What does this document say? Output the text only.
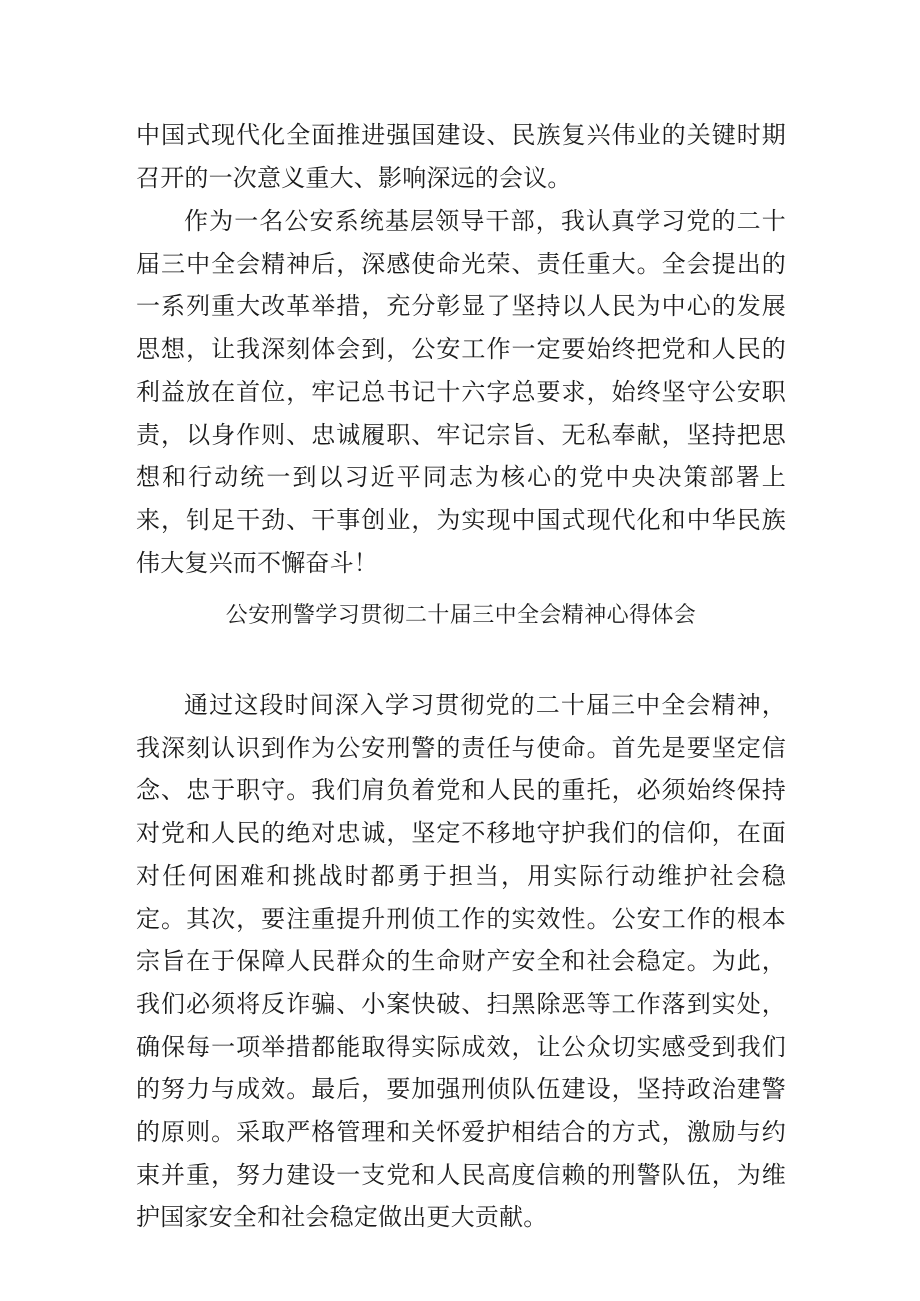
中国式现代化全面推进强国建设、民族复兴伟业的关键时期召开的一次意义重大、影响深远的会议。

作为一名公安系统基层领导干部，我认真学习党的二十届三中全会精神后，深感使命光荣、责任重大。全会提出的一系列重大改革举措，充分彰显了坚持以人民为中心的发展思想，让我深刻体会到，公安工作一定要始终把党和人民的利益放在首位，牢记总书记十六字总要求，始终坚守公安职责，以身作则、忠诚履职、牢记宗旨、无私奉献，坚持把思想和行动统一到以习近平同志为核心的党中央决策部署上来，钊足干劲、干事创业，为实现中国式现代化和中华民族伟大复兴而不懈奋斗！

公安刑警学习贯彻二十届三中全会精神心得体会

通过这段时间深入学习贯彻党的二十届三中全会精神，我深刻认识到作为公安刑警的责任与使命。首先是要坚定信念、忠于职守。我们肩负着党和人民的重托，必须始终保持对党和人民的绝对忠诚，坚定不移地守护我们的信仰，在面对任何困难和挑战时都勇于担当，用实际行动维护社会稳定。其次，要注重提升刑侦工作的实效性。公安工作的根本宗旨在于保障人民群众的生命财产安全和社会稳定。为此，我们必须将反诈骗、小案快破、扫黑除恶等工作落到实处，确保每一项举措都能取得实际成效，让公众切实感受到我们的努力与成效。最后，要加强刑侦队伍建设，坚持政治建警的原则。采取严格管理和关怀爱护相结合的方式，激励与约束并重，努力建设一支党和人民高度信赖的刑警队伍，为维护国家安全和社会稳定做出更大贡献。
